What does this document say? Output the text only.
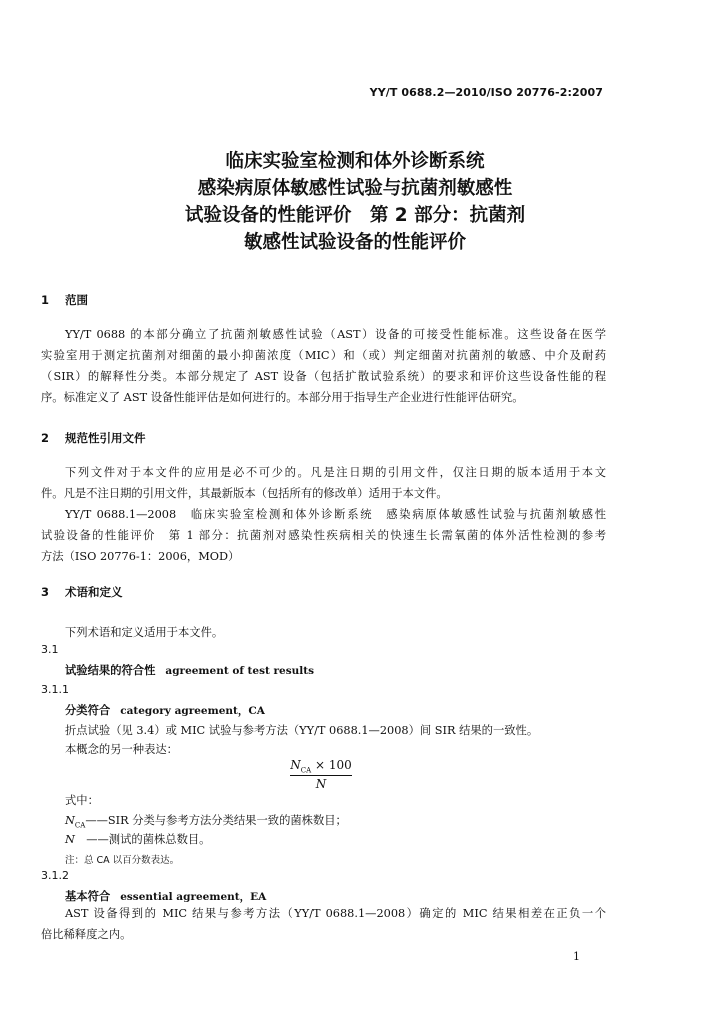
YY/T 0688.2—2010/ISO 20776-2:2007
临床实验室检测和体外诊断系统
感染病原体敏感性试验与抗菌剂敏感性
试验设备的性能评价　第 2 部分：抗菌剂
敏感性试验设备的性能评价
1 范围
YY/T 0688 的本部分确立了抗菌剂敏感性试验（AST）设备的可接受性能标准。这些设备在医学
实验室用于测定抗菌剂对细菌的最小抑菌浓度（MIC）和（或）判定细菌对抗菌剂的敏感、中介及耐药
（SIR）的解释性分类。本部分规定了 AST 设备（包括扩散试验系统）的要求和评价这些设备性能的程
序。标准定义了 AST 设备性能评估是如何进行的。本部分用于指导生产企业进行性能评估研究。
2 规范性引用文件
下列文件对于本文件的应用是必不可少的。凡是注日期的引用文件，仅注日期的版本适用于本文
件。凡是不注日期的引用文件，其最新版本（包括所有的修改单）适用于本文件。
YY/T 0688.1—2008　临床实验室检测和体外诊断系统　感染病原体敏感性试验与抗菌剂敏感性
试验设备的性能评价　第 1 部分：抗菌剂对感染性疾病相关的快速生长需氧菌的体外活性检测的参考
方法（ISO 20776-1：2006，MOD）
3 术语和定义
下列术语和定义适用于本文件。
3.1
试验结果的符合性 agreement of test results
3.1.1
分类符合 category agreement，CA
折点试验（见 3.4）或 MIC 试验与参考方法（YY/T 0688.1—2008）间 SIR 结果的一致性。
本概念的另一种表达：
$N_{CA} \times 100$
N
式中：
$N_{CA}——SIR$ 分类与参考方法分类结果一致的菌株数目；
N　——测试的菌株总数目。
注：总 CA 以百分数表达。
3.1.2
基本符合 essential agreement，EA
AST 设备得到的 MIC 结果与参考方法（YY/T 0688.1—2008）确定的 MIC 结果相差在正负一个
倍比稀释度之内。
1
